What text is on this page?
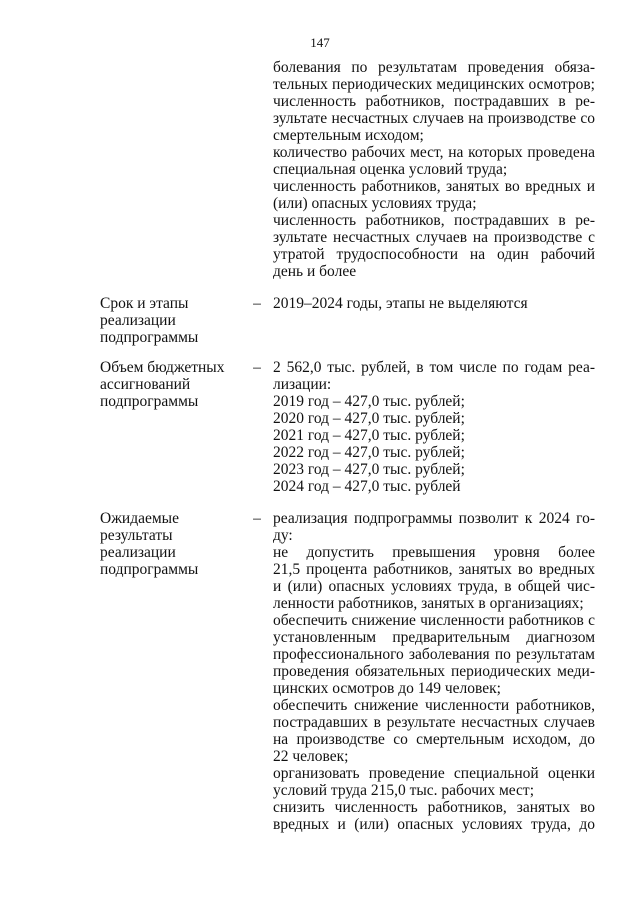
147
болевания по результатам проведения обяза-
тельных периодических медицинских осмотров;
численность работников, пострадавших в ре-
зультате несчастных случаев на производстве со
смертельным исходом;
количество рабочих мест, на которых проведена
специальная оценка условий труда;
численность работников, занятых во вредных и
(или) опасных условиях труда;
численность работников, пострадавших в ре-
зультате несчастных случаев на производстве с
утратой трудоспособности на один рабочий
день и более
Срок и этапы
реализации
подпрограммы
– 2019–2024 годы, этапы не выделяются
Объем бюджетных
ассигнований
подпрограммы
– 2 562,0 тыс. рублей, в том числе по годам реа-
лизации:
2019 год – 427,0 тыс. рублей;
2020 год – 427,0 тыс. рублей;
2021 год – 427,0 тыс. рублей;
2022 год – 427,0 тыс. рублей;
2023 год – 427,0 тыс. рублей;
2024 год – 427,0 тыс. рублей
Ожидаемые
результаты
реализации
подпрограммы
– реализация подпрограммы позволит к 2024 го-
ду:
не допустить превышения уровня более
21,5 процента работников, занятых во вредных
и (или) опасных условиях труда, в общей чис-
ленности работников, занятых в организациях;
обеспечить снижение численности работников с
установленным предварительным диагнозом
профессионального заболевания по результатам
проведения обязательных периодических меди-
цинских осмотров до 149 человек;
обеспечить снижение численности работников,
пострадавших в результате несчастных случаев
на производстве со смертельным исходом, до
22 человек;
организовать проведение специальной оценки
условий труда 215,0 тыс. рабочих мест;
снизить численность работников, занятых во
вредных и (или) опасных условиях труда, до
